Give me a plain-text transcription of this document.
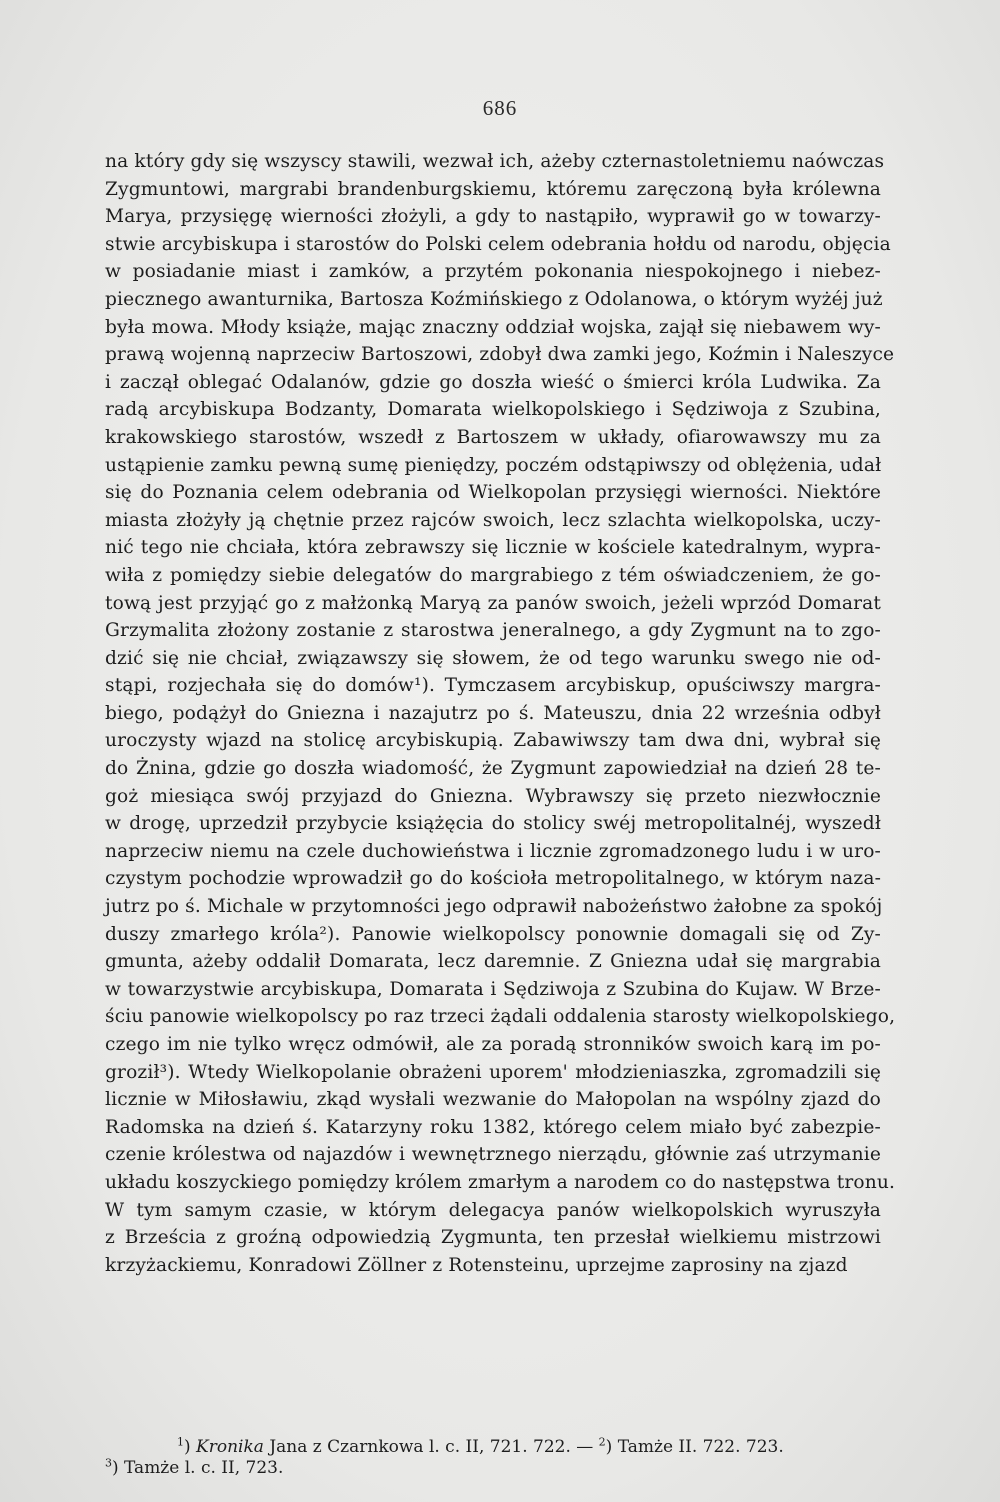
686
na który gdy się wszyscy stawili, wezwał ich, ażeby czternastoletniemu naówczas
Zygmuntowi, margrabi brandenburgskiemu, któremu zaręczoną była królewna
Marya, przysięgę wierności złożyli, a gdy to nastąpiło, wyprawił go w towarzy-
stwie arcybiskupa i starostów do Polski celem odebrania hołdu od narodu, objęcia
w posiadanie miast i zamków, a przytém pokonania niespokojnego i niebez-
piecznego awanturnika, Bartosza Koźmińskiego z Odolanowa, o którym wyżéj już
była mowa. Młody książe, mając znaczny oddział wojska, zajął się niebawem wy-
prawą wojenną naprzeciw Bartoszowi, zdobył dwa zamki jego, Koźmin i Naleszyce
i zaczął oblegać Odalanów, gdzie go doszła wieść o śmierci króla Ludwika. Za
radą arcybiskupa Bodzanty, Domarata wielkopolskiego i Sędziwoja z Szubina,
krakowskiego starostów, wszedł z Bartoszem w układy, ofiarowawszy mu za
ustąpienie zamku pewną sumę pieniędzy, poczém odstąpiwszy od oblężenia, udał
się do Poznania celem odebrania od Wielkopolan przysięgi wierności. Niektóre
miasta złożyły ją chętnie przez rajców swoich, lecz szlachta wielkopolska, uczy-
nić tego nie chciała, która zebrawszy się licznie w kościele katedralnym, wypra-
wiła z pomiędzy siebie delegatów do margrabiego z tém oświadczeniem, że go-
tową jest przyjąć go z małżonką Maryą za panów swoich, jeżeli wprzód Domarat
Grzymalita złożony zostanie z starostwa jeneralnego, a gdy Zygmunt na to zgo-
dzić się nie chciał, związawszy się słowem, że od tego warunku swego nie od-
stąpi, rozjechała się do domów¹). Tymczasem arcybiskup, opuściwszy margra-
biego, podążył do Gniezna i nazajutrz po ś. Mateuszu, dnia 22 września odbył
uroczysty wjazd na stolicę arcybiskupią. Zabawiwszy tam dwa dni, wybrał się
do Żnina, gdzie go doszła wiadomość, że Zygmunt zapowiedział na dzień 28 te-
goż miesiąca swój przyjazd do Gniezna. Wybrawszy się przeto niezwłocznie
w drogę, uprzedził przybycie książęcia do stolicy swéj metropolitalnéj, wyszedł
naprzeciw niemu na czele duchowieństwa i licznie zgromadzonego ludu i w uro-
czystym pochodzie wprowadził go do kościoła metropolitalnego, w którym naza-
jutrz po ś. Michale w przytomności jego odprawił nabożeństwo żałobne za spokój
duszy zmarłego króla²). Panowie wielkopolscy ponownie domagali się od Zy-
gmunta, ażeby oddalił Domarata, lecz daremnie. Z Gniezna udał się margrabia
w towarzystwie arcybiskupa, Domarata i Sędziwoja z Szubina do Kujaw. W Brze-
ściu panowie wielkopolscy po raz trzeci żądali oddalenia starosty wielkopolskiego,
czego im nie tylko wręcz odmówił, ale za poradą stronników swoich karą im po-
groził³). Wtedy Wielkopolanie obrażeni uporem' młodzieniaszka, zgromadzili się
licznie w Miłosławiu, zkąd wysłali wezwanie do Małopolan na wspólny zjazd do
Radomska na dzień ś. Katarzyny roku 1382, którego celem miało być zabezpie-
czenie królestwa od najazdów i wewnętrznego nierządu, głównie zaś utrzymanie
układu koszyckiego pomiędzy królem zmarłym a narodem co do następstwa tronu.
W tym samym czasie, w którym delegacya panów wielkopolskich wyruszyła
z Brześcia z groźną odpowiedzią Zygmunta, ten przesłał wielkiemu mistrzowi
krzyżackiemu, Konradowi Zöllner z Rotensteinu, uprzejme zaprosiny na zjazd
$^1$) Kronika Jana z Czarnkowa l. c. II, 721. 722. — $^2$) Tamże II. 722. 723.
$^3$) Tamże l. c. II, 723.
